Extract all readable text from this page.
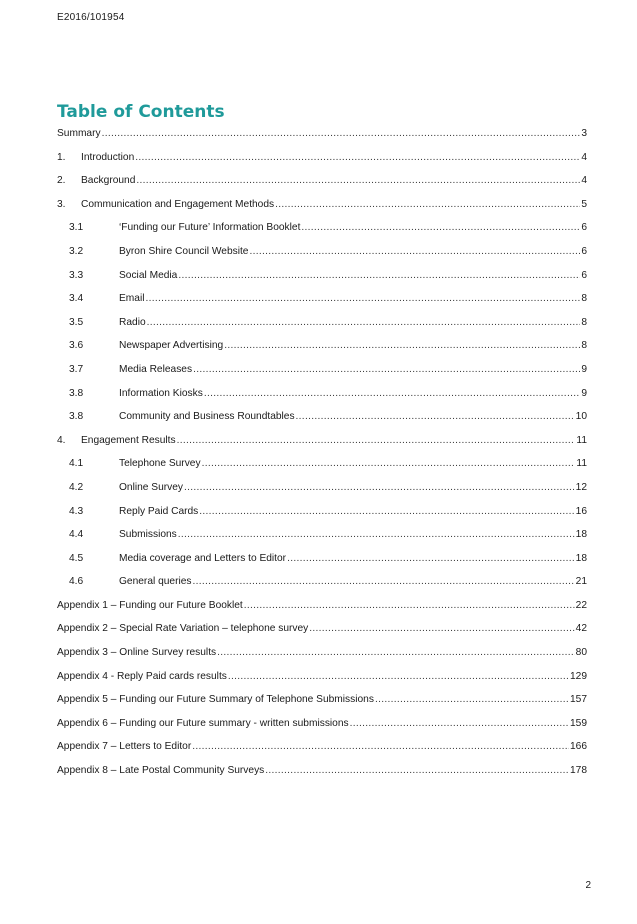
E2016/101954
Table of Contents
Summary .....	3
1.	Introduction .....	4
2.	Background .....	4
3.	Communication and Engagement Methods .....	5
3.1	‘Funding our Future’ Information Booklet .....	6
3.2	Byron Shire Council Website .....	6
3.3	Social Media .....	6
3.4	Email .....	8
3.5	Radio .....	8
3.6	Newspaper Advertising .....	8
3.7	Media Releases .....	9
3.8	Information Kiosks .....	9
3.8	Community and Business Roundtables .....	10
4.	Engagement Results .....	11
4.1	Telephone Survey .....	11
4.2	Online Survey .....	12
4.3	Reply Paid Cards .....	16
4.4	Submissions .....	18
4.5	Media coverage and Letters to Editor .....	18
4.6	General queries .....	21
Appendix 1 – Funding our Future Booklet .....	22
Appendix 2 – Special Rate Variation – telephone survey .....	42
Appendix 3 – Online Survey results .....	80
Appendix 4 - Reply Paid cards results .....	129
Appendix 5 – Funding our Future Summary of Telephone Submissions .....	157
Appendix 6 – Funding our Future summary - written submissions .....	159
Appendix 7 – Letters to Editor .....	166
Appendix 8 – Late Postal Community Surveys .....	178
2
